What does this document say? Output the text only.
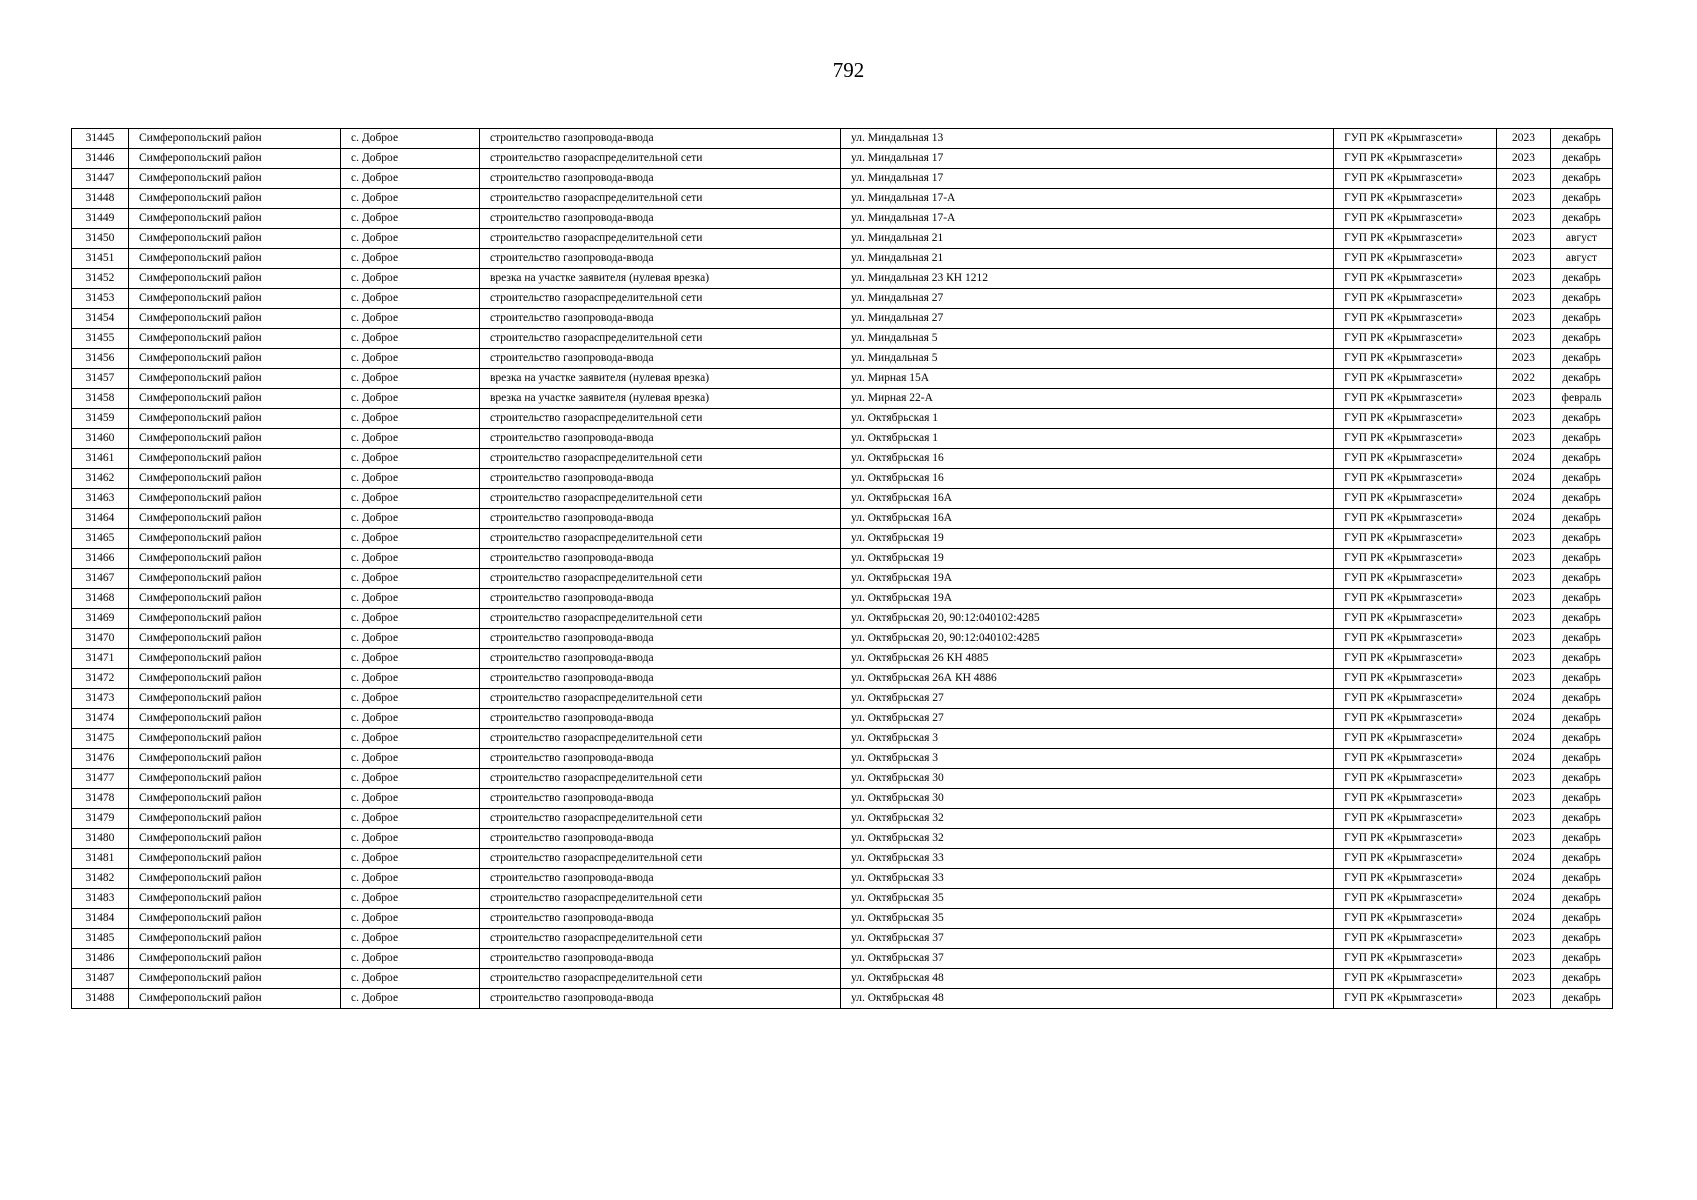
792
31445	Симферопольский район	с. Доброе	строительство газопровода-ввода	ул. Миндальная 13	ГУП РК «Крымгазсети»	2023	декабрь
31446	Симферопольский район	с. Доброе	строительство газораспределительной сети	ул. Миндальная 17	ГУП РК «Крымгазсети»	2023	декабрь
31447	Симферопольский район	с. Доброе	строительство газопровода-ввода	ул. Миндальная 17	ГУП РК «Крымгазсети»	2023	декабрь
31448	Симферопольский район	с. Доброе	строительство газораспределительной сети	ул. Миндальная 17-А	ГУП РК «Крымгазсети»	2023	декабрь
31449	Симферопольский район	с. Доброе	строительство газопровода-ввода	ул. Миндальная 17-А	ГУП РК «Крымгазсети»	2023	декабрь
31450	Симферопольский район	с. Доброе	строительство газораспределительной сети	ул. Миндальная 21	ГУП РК «Крымгазсети»	2023	август
31451	Симферопольский район	с. Доброе	строительство газопровода-ввода	ул. Миндальная 21	ГУП РК «Крымгазсети»	2023	август
31452	Симферопольский район	с. Доброе	врезка на участке заявителя (нулевая врезка)	ул. Миндальная 23 КН 1212	ГУП РК «Крымгазсети»	2023	декабрь
31453	Симферопольский район	с. Доброе	строительство газораспределительной сети	ул. Миндальная 27	ГУП РК «Крымгазсети»	2023	декабрь
31454	Симферопольский район	с. Доброе	строительство газопровода-ввода	ул. Миндальная 27	ГУП РК «Крымгазсети»	2023	декабрь
31455	Симферопольский район	с. Доброе	строительство газораспределительной сети	ул. Миндальная 5	ГУП РК «Крымгазсети»	2023	декабрь
31456	Симферопольский район	с. Доброе	строительство газопровода-ввода	ул. Миндальная 5	ГУП РК «Крымгазсети»	2023	декабрь
31457	Симферопольский район	с. Доброе	врезка на участке заявителя (нулевая врезка)	ул. Мирная 15А	ГУП РК «Крымгазсети»	2022	декабрь
31458	Симферопольский район	с. Доброе	врезка на участке заявителя (нулевая врезка)	ул. Мирная 22-А	ГУП РК «Крымгазсети»	2023	февраль
31459	Симферопольский район	с. Доброе	строительство газораспределительной сети	ул. Октябрьская 1	ГУП РК «Крымгазсети»	2023	декабрь
31460	Симферопольский район	с. Доброе	строительство газопровода-ввода	ул. Октябрьская 1	ГУП РК «Крымгазсети»	2023	декабрь
31461	Симферопольский район	с. Доброе	строительство газораспределительной сети	ул. Октябрьская 16	ГУП РК «Крымгазсети»	2024	декабрь
31462	Симферопольский район	с. Доброе	строительство газопровода-ввода	ул. Октябрьская 16	ГУП РК «Крымгазсети»	2024	декабрь
31463	Симферопольский район	с. Доброе	строительство газораспределительной сети	ул. Октябрьская 16А	ГУП РК «Крымгазсети»	2024	декабрь
31464	Симферопольский район	с. Доброе	строительство газопровода-ввода	ул. Октябрьская 16А	ГУП РК «Крымгазсети»	2024	декабрь
31465	Симферопольский район	с. Доброе	строительство газораспределительной сети	ул. Октябрьская 19	ГУП РК «Крымгазсети»	2023	декабрь
31466	Симферопольский район	с. Доброе	строительство газопровода-ввода	ул. Октябрьская 19	ГУП РК «Крымгазсети»	2023	декабрь
31467	Симферопольский район	с. Доброе	строительство газораспределительной сети	ул. Октябрьская 19А	ГУП РК «Крымгазсети»	2023	декабрь
31468	Симферопольский район	с. Доброе	строительство газопровода-ввода	ул. Октябрьская 19А	ГУП РК «Крымгазсети»	2023	декабрь
31469	Симферопольский район	с. Доброе	строительство газораспределительной сети	ул. Октябрьская 20, 90:12:040102:4285	ГУП РК «Крымгазсети»	2023	декабрь
31470	Симферопольский район	с. Доброе	строительство газопровода-ввода	ул. Октябрьская 20, 90:12:040102:4285	ГУП РК «Крымгазсети»	2023	декабрь
31471	Симферопольский район	с. Доброе	строительство газопровода-ввода	ул. Октябрьская 26 КН 4885	ГУП РК «Крымгазсети»	2023	декабрь
31472	Симферопольский район	с. Доброе	строительство газопровода-ввода	ул. Октябрьская 26А КН 4886	ГУП РК «Крымгазсети»	2023	декабрь
31473	Симферопольский район	с. Доброе	строительство газораспределительной сети	ул. Октябрьская 27	ГУП РК «Крымгазсети»	2024	декабрь
31474	Симферопольский район	с. Доброе	строительство газопровода-ввода	ул. Октябрьская 27	ГУП РК «Крымгазсети»	2024	декабрь
31475	Симферопольский район	с. Доброе	строительство газораспределительной сети	ул. Октябрьская 3	ГУП РК «Крымгазсети»	2024	декабрь
31476	Симферопольский район	с. Доброе	строительство газопровода-ввода	ул. Октябрьская 3	ГУП РК «Крымгазсети»	2024	декабрь
31477	Симферопольский район	с. Доброе	строительство газораспределительной сети	ул. Октябрьская 30	ГУП РК «Крымгазсети»	2023	декабрь
31478	Симферопольский район	с. Доброе	строительство газопровода-ввода	ул. Октябрьская 30	ГУП РК «Крымгазсети»	2023	декабрь
31479	Симферопольский район	с. Доброе	строительство газораспределительной сети	ул. Октябрьская 32	ГУП РК «Крымгазсети»	2023	декабрь
31480	Симферопольский район	с. Доброе	строительство газопровода-ввода	ул. Октябрьская 32	ГУП РК «Крымгазсети»	2023	декабрь
31481	Симферопольский район	с. Доброе	строительство газораспределительной сети	ул. Октябрьская 33	ГУП РК «Крымгазсети»	2024	декабрь
31482	Симферопольский район	с. Доброе	строительство газопровода-ввода	ул. Октябрьская 33	ГУП РК «Крымгазсети»	2024	декабрь
31483	Симферопольский район	с. Доброе	строительство газораспределительной сети	ул. Октябрьская 35	ГУП РК «Крымгазсети»	2024	декабрь
31484	Симферопольский район	с. Доброе	строительство газопровода-ввода	ул. Октябрьская 35	ГУП РК «Крымгазсети»	2024	декабрь
31485	Симферопольский район	с. Доброе	строительство газораспределительной сети	ул. Октябрьская 37	ГУП РК «Крымгазсети»	2023	декабрь
31486	Симферопольский район	с. Доброе	строительство газопровода-ввода	ул. Октябрьская 37	ГУП РК «Крымгазсети»	2023	декабрь
31487	Симферопольский район	с. Доброе	строительство газораспределительной сети	ул. Октябрьская 48	ГУП РК «Крымгазсети»	2023	декабрь
31488	Симферопольский район	с. Доброе	строительство газопровода-ввода	ул. Октябрьская 48	ГУП РК «Крымгазсети»	2023	декабрь
